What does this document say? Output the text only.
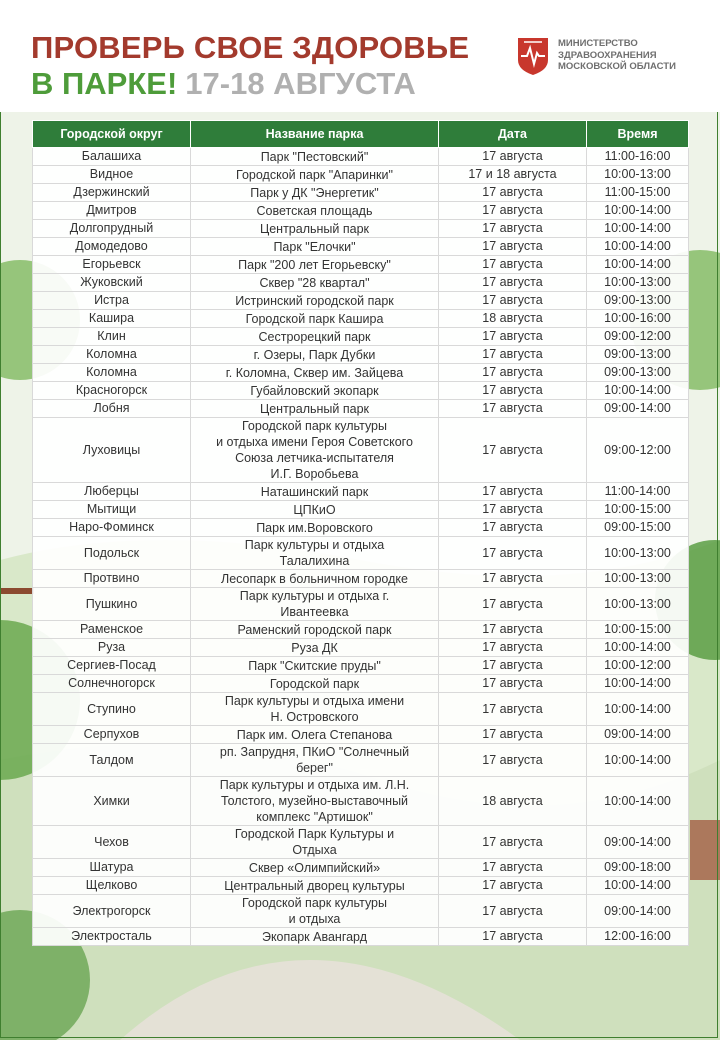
ПРОВЕРЬ СВОЕ ЗДОРОВЬЕ
В ПАРКЕ! 17-18 АВГУСТА
МИНИСТЕРСТВО
ЗДРАВООХРАНЕНИЯ
МОСКОВСКОЙ ОБЛАСТИ
Городской округ	Название парка	Дата	Время
Балашиха	Парк "Пестовский"	17 августа	11:00-16:00
Видное	Городской парк "Апаринки"	17 и 18 августа	10:00-13:00
Дзержинский	Парк у ДК "Энергетик"	17 августа	11:00-15:00
Дмитров	Советская площадь	17 августа	10:00-14:00
Долгопрудный	Центральный парк	17 августа	10:00-14:00
Домодедово	Парк "Елочки"	17 августа	10:00-14:00
Егорьевск	Парк "200 лет Егорьевску"	17 августа	10:00-14:00
Жуковский	Сквер "28 квартал"	17 августа	10:00-13:00
Истра	Истринский городской парк	17 августа	09:00-13:00
Кашира	Городской парк Кашира	18 августа	10:00-16:00
Клин	Сестрорецкий парк	17 августа	09:00-12:00
Коломна	г. Озеры, Парк Дубки	17 августа	09:00-13:00
Коломна	г. Коломна, Сквер им. Зайцева	17 августа	09:00-13:00
Красногорск	Губайловский экопарк	17 августа	10:00-14:00
Лобня	Центральный парк	17 августа	09:00-14:00
Луховицы	Городской парк культуры
и отдыха имени Героя Советского
Союза летчика-испытателя
И.Г. Воробьева	17 августа	09:00-12:00
Люберцы	Наташинский парк	17 августа	11:00-14:00
Мытищи	ЦПКиО	17 августа	10:00-15:00
Наро-Фоминск	Парк им.Воровского	17 августа	09:00-15:00
Подольск	Парк культуры и отдыха
Талалихина	17 августа	10:00-13:00
Протвино	Лесопарк в больничном городке	17 августа	10:00-13:00
Пушкино	Парк культуры и отдыха г.
Ивантеевка	17 августа	10:00-13:00
Раменское	Раменский городской парк	17 августа	10:00-15:00
Руза	Руза ДК	17 августа	10:00-14:00
Сергиев-Посад	Парк "Скитские пруды"	17 августа	10:00-12:00
Солнечногорск	Городской парк	17 августа	10:00-14:00
Ступино	Парк культуры и отдыха имени
Н. Островского	17 августа	10:00-14:00
Серпухов	Парк им. Олега Степанова	17 августа	09:00-14:00
Талдом	рп. Запрудня, ПКиО "Солнечный
берег"	17 августа	10:00-14:00
Химки	Парк культуры и отдыха им. Л.Н.
Толстого, музейно-выставочный
комплекс "Артишок"	18 августа	10:00-14:00
Чехов	Городской Парк Культуры и
Отдыха	17 августа	09:00-14:00
Шатура	Сквер «Олимпийский»	17 августа	09:00-18:00
Щелково	Центральный дворец культуры	17 августа	10:00-14:00
Электрогорск	Городской парк культуры
и отдыха	17 августа	09:00-14:00
Электросталь	Экопарк Авангард	17 августа	12:00-16:00
